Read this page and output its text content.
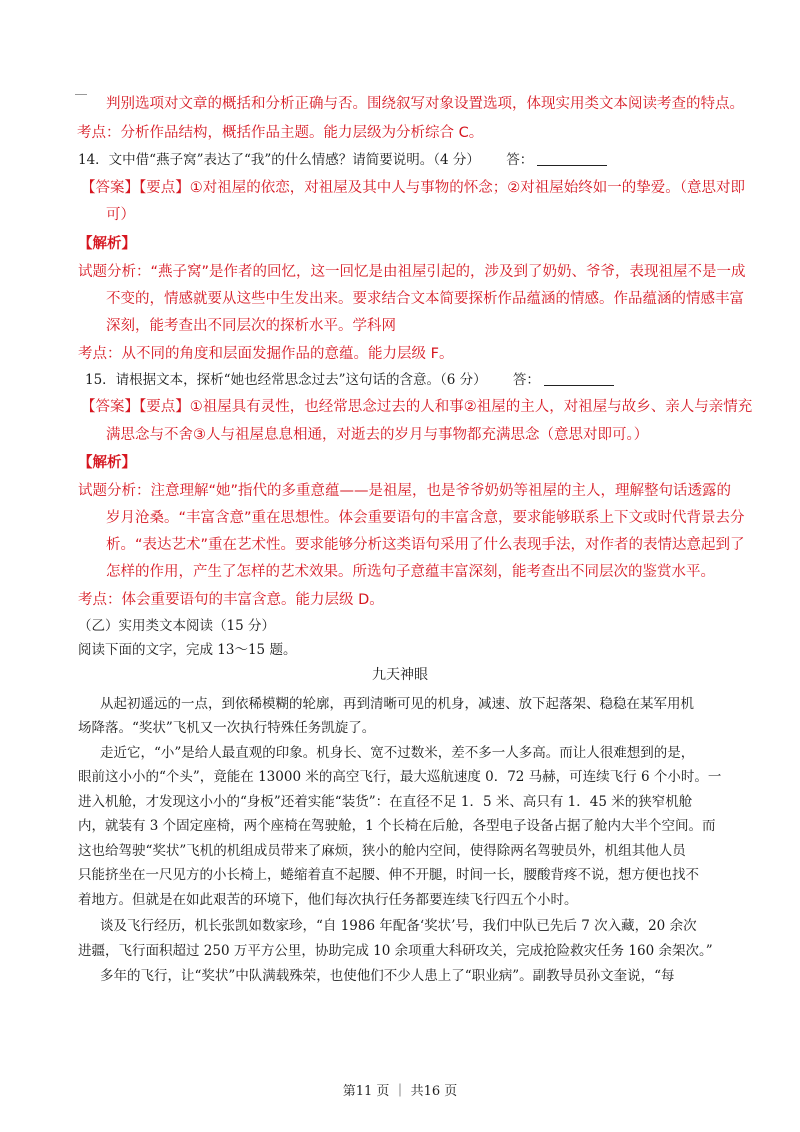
判别选项对文章的概括和分析正确与否。围绕叙写对象设置选项，体现实用类文本阅读考查的特点。
考点：分析作品结构，概括作品主题。能力层级为分析综合 C。
14．文中借“燕子窝”表达了“我”的什么情感？请简要说明。（4 分） 答：
【答案】【要点】①对祖屋的依恋，对祖屋及其中人与事物的怀念；②对祖屋始终如一的挚爱。（意思对即
可）
【解析】
试题分析：“燕子窝”是作者的回忆，这一回忆是由祖屋引起的，涉及到了奶奶、爷爷，表现祖屋不是一成
不变的，情感就要从这些中生发出来。要求结合文本简要探析作品蕴涵的情感。作品蕴涵的情感丰富
深刻，能考查出不同层次的探析水平。学科网
考点：从不同的角度和层面发掘作品的意蕴。能力层级 F。
15．请根据文本，探析“她也经常思念过去”这句话的含意。（6 分） 答：
【答案】【要点】①祖屋具有灵性，也经常思念过去的人和事②祖屋的主人，对祖屋与故乡、亲人与亲情充
满思念与不舍③人与祖屋息息相通，对逝去的岁月与事物都充满思念（意思对即可。）
【解析】
试题分析：注意理解“她”指代的多重意蕴——是祖屋，也是爷爷奶奶等祖屋的主人，理解整句话透露的
岁月沧桑。“丰富含意”重在思想性。体会重要语句的丰富含意，要求能够联系上下文或时代背景去分
析。“表达艺术”重在艺术性。要求能够分析这类语句采用了什么表现手法，对作者的表情达意起到了
怎样的作用，产生了怎样的艺术效果。所选句子意蕴丰富深刻，能考查出不同层次的鉴赏水平。
考点：体会重要语句的丰富含意。能力层级 D。
（乙）实用类文本阅读（15 分）
阅读下面的文字，完成 13～15 题。
九天神眼
从起初遥远的一点，到依稀模糊的轮廓，再到清晰可见的机身，减速、放下起落架、稳稳在某军用机
场降落。“奖状”飞机又一次执行特殊任务凯旋了。
走近它，“小”是给人最直观的印象。机身长、宽不过数米，差不多一人多高。而让人很难想到的是，
眼前这小小的“个头”，竟能在 13000 米的高空飞行，最大巡航速度 0．72 马赫，可连续飞行 6 个小时。一
进入机舱，才发现这小小的“身板”还着实能“装货”：在直径不足 1．5 米、高只有 1．45 米的狭窄机舱
内，就装有 3 个固定座椅，两个座椅在驾驶舱，1 个长椅在后舱，各型电子设备占据了舱内大半个空间。而
这也给驾驶“奖状”飞机的机组成员带来了麻烦，狭小的舱内空间，使得除两名驾驶员外，机组其他人员
只能挤坐在一尺见方的小长椅上，蜷缩着直不起腰、伸不开腿，时间一长，腰酸背疼不说，想方便也找不
着地方。但就是在如此艰苦的环境下，他们每次执行任务都要连续飞行四五个小时。
谈及飞行经历，机长张凯如数家珍，“自 1986 年配备‘奖状’号，我们中队已先后 7 次入藏，20 余次
进疆，飞行面积超过 250 万平方公里，协助完成 10 余项重大科研攻关，完成抢险救灾任务 160 余架次。”
多年的飞行，让“奖状”中队满载殊荣，也使他们不少人患上了“职业病”。副教导员孙文奎说，“每
第11 页 ｜ 共16 页
